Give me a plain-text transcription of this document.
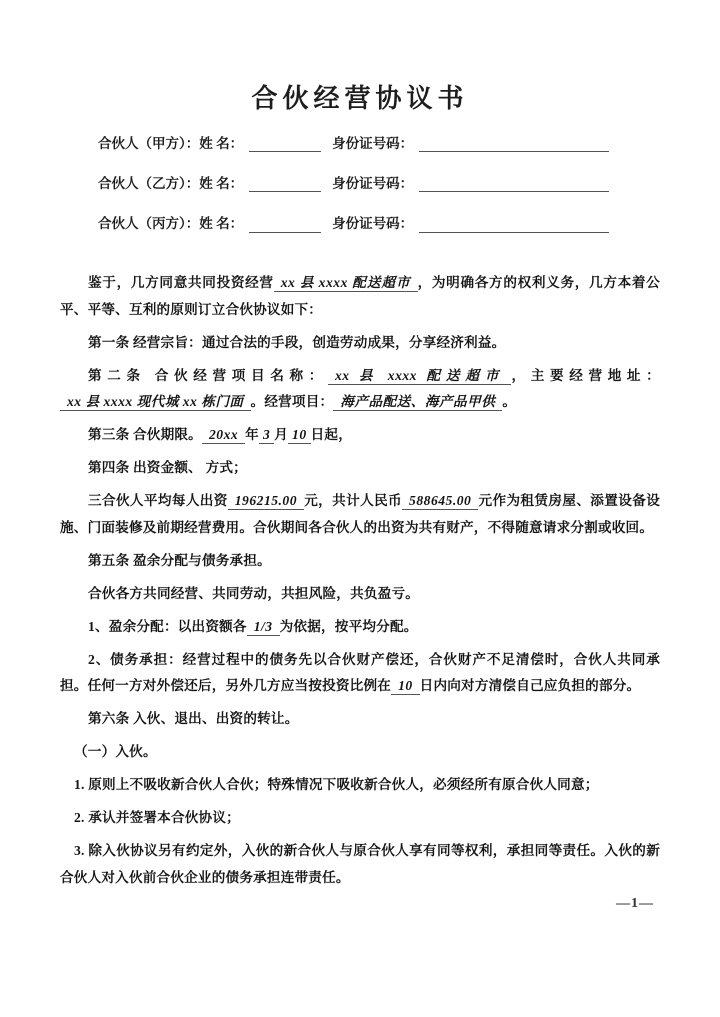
合伙经营协议书
合伙人（甲方）： 姓 名：	身份证号码：
合伙人（乙方）： 姓 名：	身份证号码：
合伙人（丙方）： 姓 名：	身份证号码：

鉴于，几方同意共同投资经营 xx 县 xxxx 配送超市 ，为明确各方的权利义务，几方本着公平、平等、互利的原则订立合伙协议如下：

第一条 经营宗旨：通过合法的手段，创造劳动成果，分享经济利益。

第二条 合伙经营项目名称： xx 县 xxxx 配送超市 ，主要经营地址：xx 县 xxxx 现代城 xx 栋门面 。经营项目： 海产品配送、海产品甲供 。

第三条 合伙期限。 20xx 年 3 月 10 日起，

第四条 出资金额、 方式；

三合伙人平均每人出资 196215.00 元，共计人民币 588645.00 元作为租赁房屋、添置设备设施、门面装修及前期经营费用。合伙期间各合伙人的出资为共有财产，不得随意请求分割或收回。

第五条 盈余分配与债务承担。

合伙各方共同经营、共同劳动，共担风险，共负盈亏。

1、盈余分配：以出资额各 1/3 为依据，按平均分配。

2、债务承担：经营过程中的债务先以合伙财产偿还，合伙财产不足清偿时，合伙人共同承担。任何一方对外偿还后，另外几方应当按投资比例在 10 日内向对方清偿自己应负担的部分。

第六条 入伙、退出、出资的转让。

（一）入伙。

1. 原则上不吸收新合伙人合伙；特殊情况下吸收新合伙人，必须经所有原合伙人同意；

2. 承认并签署本合伙协议；

3. 除入伙协议另有约定外，入伙的新合伙人与原合伙人享有同等权利，承担同等责任。入伙的新合伙人对入伙前合伙企业的债务承担连带责任。

—1—
